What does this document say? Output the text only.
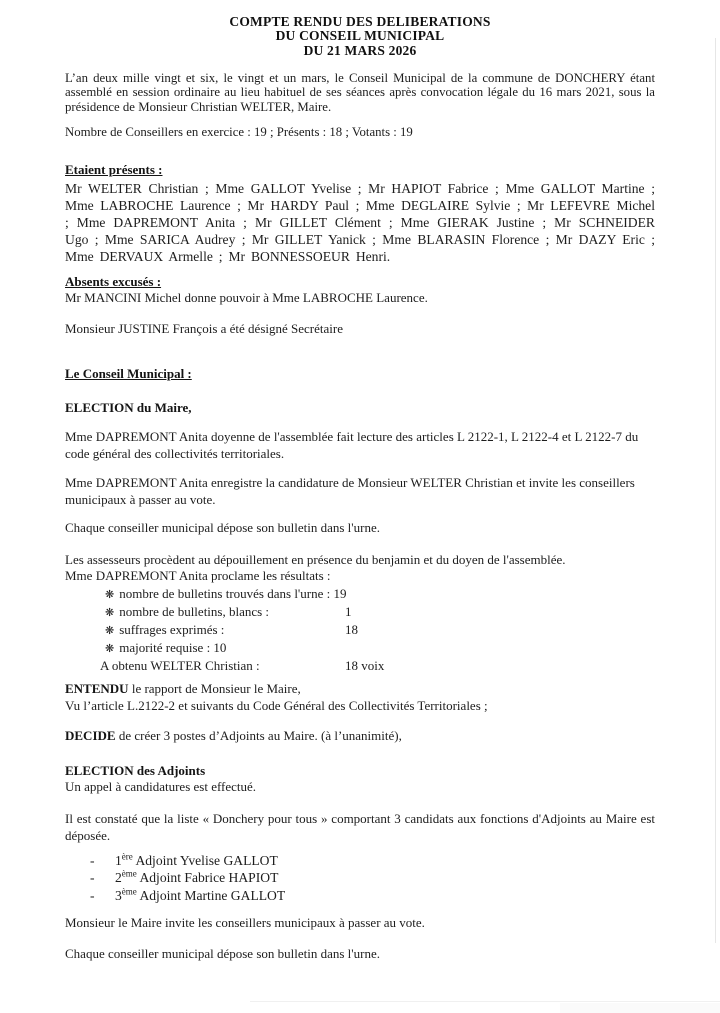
COMPTE RENDU DES DELIBERATIONS
DU CONSEIL MUNICIPAL
DU 21 MARS 2026

L’an deux mille vingt et six, le vingt et un mars, le Conseil Municipal de la commune de DONCHERY étant assemblé en session ordinaire au lieu habituel de ses séances après convocation légale du 16 mars 2021, sous la présidence de Monsieur Christian WELTER, Maire.

Nombre de Conseillers en exercice : 19 ; Présents : 18 ; Votants : 19

Etaient présents :

Mr WELTER Christian ; Mme GALLOT Yvelise ; Mr HAPIOT Fabrice ; Mme GALLOT Martine ; Mme LABROCHE Laurence ; Mr HARDY Paul ; Mme DEGLAIRE Sylvie ; Mr LEFEVRE Michel ; Mme DAPREMONT Anita ; Mr GILLET Clément ; Mme GIERAK Justine ; Mr SCHNEIDER Ugo ; Mme SARICA Audrey ; Mr GILLET Yanick ; Mme BLARASIN Florence ; Mr DAZY Eric ; Mme DERVAUX Armelle ; Mr BONNESSOEUR Henri.

Absents excusés :

Mr MANCINI Michel donne pouvoir à Mme LABROCHE Laurence.

Monsieur JUSTINE François a été désigné Secrétaire

Le Conseil Municipal :

ELECTION du Maire,

Mme DAPREMONT Anita doyenne de l'assemblée fait lecture des articles L 2122-1, L 2122-4 et L 2122-7 du code général des collectivités territoriales.

Mme DAPREMONT Anita enregistre la candidature de Monsieur WELTER Christian et invite les conseillers municipaux à passer au vote.

Chaque conseiller municipal dépose son bulletin dans l'urne.

Les assesseurs procèdent au dépouillement en présence du benjamin et du doyen de l'assemblée.

Mme DAPREMONT Anita proclame les résultats :

❋ nombre de bulletins trouvés dans l'urne : 19
❋ nombre de bulletins, blancs :	1
❋ suffrages exprimés :	18
❋ majorité requise : 10
A obtenu WELTER Christian :	18 voix

ENTENDU le rapport de Monsieur le Maire,

Vu l’article L.2122-2 et suivants du Code Général des Collectivités Territoriales ;

DECIDE de créer 3 postes d’Adjoints au Maire. (à l’unanimité),

ELECTION des Adjoints

Un appel à candidatures est effectué.

Il est constaté que la liste « Donchery pour tous » comportant 3 candidats aux fonctions d'Adjoints au Maire est déposée.

- 1ère Adjoint Yvelise GALLOT
- 2ème Adjoint Fabrice HAPIOT
- 3ème Adjoint Martine GALLOT

Monsieur le Maire invite les conseillers municipaux à passer au vote.

Chaque conseiller municipal dépose son bulletin dans l'urne.
